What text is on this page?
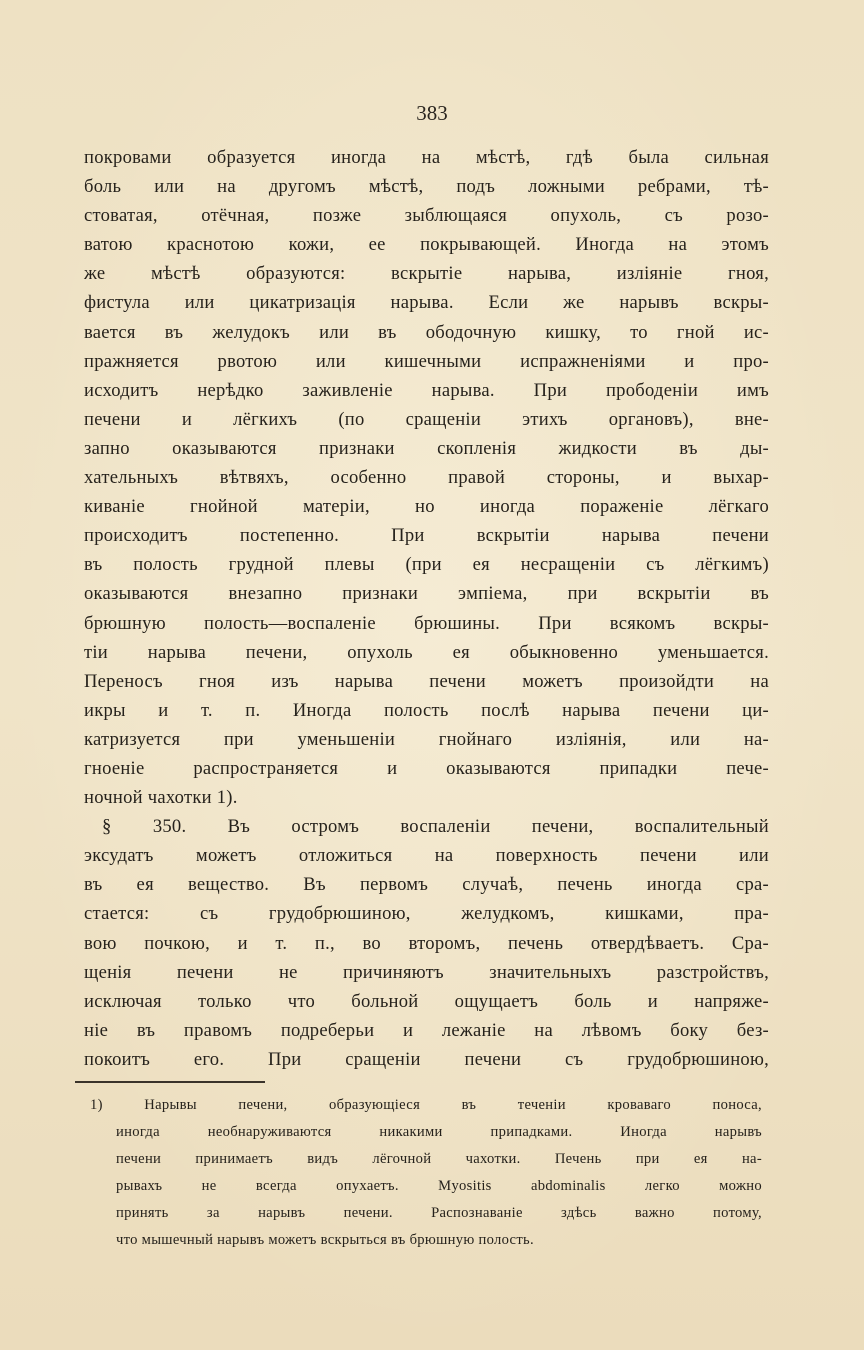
383
покровами образуется иногда на мѣстѣ, гдѣ была сильная
боль или на другомъ мѣстѣ, подъ ложными ребрами, тѣ-
стоватая, отёчная, позже зыблющаяся опухоль, съ розо-
ватою краснотою кожи, ее покрывающей. Иногда на этомъ
же мѣстѣ образуются: вскрытіе нарыва, изліяніе гноя,
фистула или цикатризація нарыва. Если же нарывъ вскры-
вается въ желудокъ или въ ободочную кишку, то гной ис-
пражняется рвотою или кишечными испражненіями и про-
исходитъ нерѣдко заживленіе нарыва. При прободеніи имъ
печени и лёгкихъ (по сращеніи этихъ органовъ), вне-
запно оказываются признаки скопленія жидкости въ ды-
хательныхъ вѣтвяхъ, особенно правой стороны, и выхар-
киваніе гнойной матеріи, но иногда пораженіе лёгкаго
происходитъ постепенно. При вскрытіи нарыва печени
въ полость грудной плевы (при ея несращеніи съ лёгкимъ)
оказываются внезапно признаки эмпіема, при вскрытіи въ
брюшную полость—воспаленіе брюшины. При всякомъ вскры-
тіи нарыва печени, опухоль ея обыкновенно уменьшается.
Переносъ гноя изъ нарыва печени можетъ произойдти на
икры и т. п. Иногда полость послѣ нарыва печени ци-
катризуется при уменьшеніи гнойнаго изліянія, или на-
гноеніе распространяется и оказываются припадки пече-
ночной чахотки 1).
§ 350. Въ остромъ воспаленіи печени, воспалительный
эксудатъ можетъ отложиться на поверхность печени или
въ ея вещество. Въ первомъ случаѣ, печень иногда сра-
стается: съ грудобрюшиною, желудкомъ, кишками, пра-
вою почкою, и т. п., во второмъ, печень отвердѣваетъ. Сра-
щенія печени не причиняютъ значительныхъ разстройствъ,
исключая только что больной ощущаетъ боль и напряже-
ніе въ правомъ подреберьи и лежаніе на лѣвомъ боку без-
покоитъ его. При сращеніи печени съ грудобрюшиною,
1) Нарывы печени, образующіеся въ теченіи кроваваго поноса,
иногда необнаруживаются никакими припадками. Иногда нарывъ
печени принимаетъ видъ лёгочной чахотки. Печень при ея на-
рывахъ не всегда опухаетъ. Myositis abdominalis легко можно
принять за нарывъ печени. Распознаваніе здѣсь важно потому,
что мышечный нарывъ можетъ вскрыться въ брюшную полость.
